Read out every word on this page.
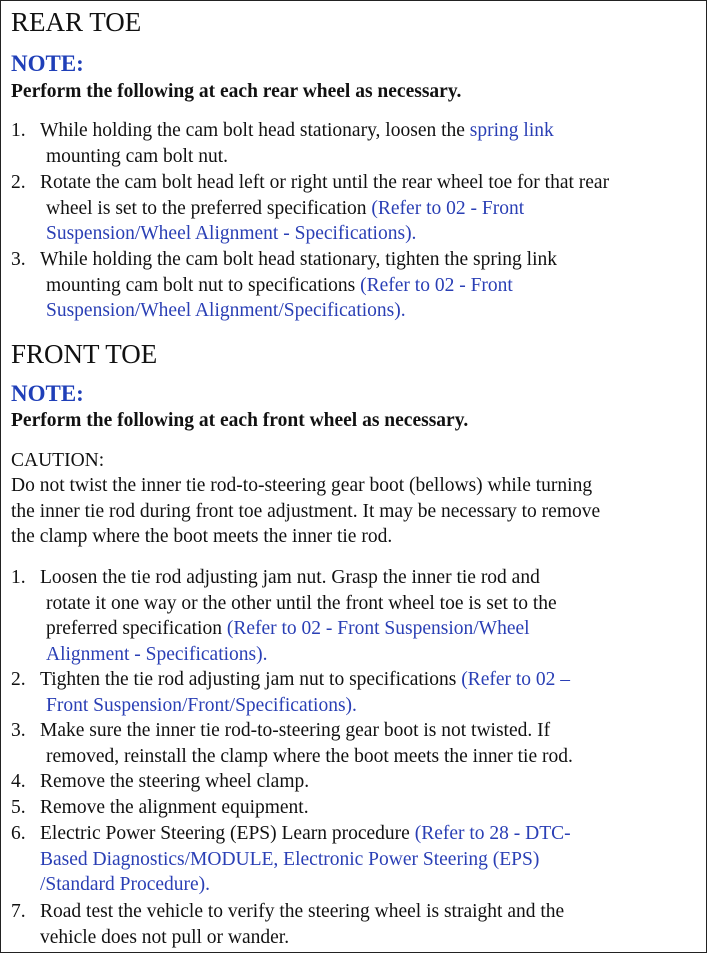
REAR TOE
NOTE:
Perform the following at each rear wheel as necessary.
1. While holding the cam bolt head stationary, loosen the spring link
mounting cam bolt nut.
2. Rotate the cam bolt head left or right until the rear wheel toe for that rear
wheel is set to the preferred specification (Refer to 02 - Front
Suspension/Wheel Alignment - Specifications).
3. While holding the cam bolt head stationary, tighten the spring link
mounting cam bolt nut to specifications (Refer to 02 - Front
Suspension/Wheel Alignment/Specifications).
FRONT TOE
NOTE:
Perform the following at each front wheel as necessary.
CAUTION:
Do not twist the inner tie rod-to-steering gear boot (bellows) while turning
the inner tie rod during front toe adjustment. It may be necessary to remove
the clamp where the boot meets the inner tie rod.
1. Loosen the tie rod adjusting jam nut. Grasp the inner tie rod and
rotate it one way or the other until the front wheel toe is set to the
preferred specification (Refer to 02 - Front Suspension/Wheel
Alignment - Specifications).
2. Tighten the tie rod adjusting jam nut to specifications (Refer to 02 –
Front Suspension/Front/Specifications).
3. Make sure the inner tie rod-to-steering gear boot is not twisted. If
removed, reinstall the clamp where the boot meets the inner tie rod.
4. Remove the steering wheel clamp.
5. Remove the alignment equipment.
6. Electric Power Steering (EPS) Learn procedure (Refer to 28 - DTC-
Based Diagnostics/MODULE, Electronic Power Steering (EPS)
/Standard Procedure).
7. Road test the vehicle to verify the steering wheel is straight and the
vehicle does not pull or wander.
